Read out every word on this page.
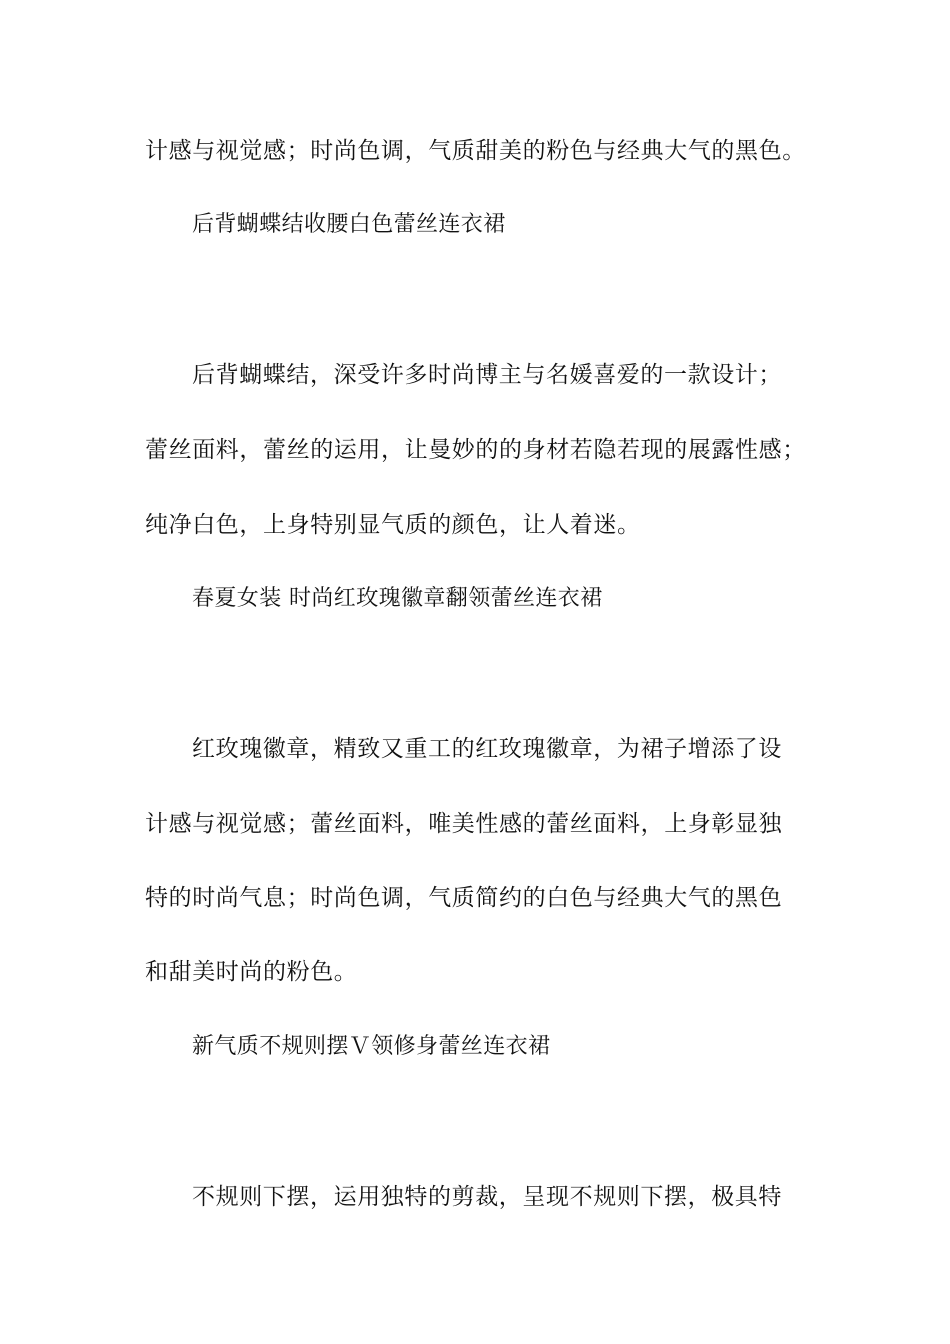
计感与视觉感；时尚色调，气质甜美的粉色与经典大气的黑色。
后背蝴蝶结收腰白色蕾丝连衣裙
后背蝴蝶结，深受许多时尚博主与名媛喜爱的一款设计；
蕾丝面料，蕾丝的运用，让曼妙的的身材若隐若现的展露性感；
纯净白色，上身特别显气质的颜色，让人着迷。
春夏女装 时尚红玫瑰徽章翻领蕾丝连衣裙
红玫瑰徽章，精致又重工的红玫瑰徽章，为裙子增添了设
计感与视觉感；蕾丝面料，唯美性感的蕾丝面料，上身彰显独
特的时尚气息；时尚色调，气质简约的白色与经典大气的黑色
和甜美时尚的粉色。
新气质不规则摆Ｖ领修身蕾丝连衣裙
不规则下摆，运用独特的剪裁，呈现不规则下摆，极具特
